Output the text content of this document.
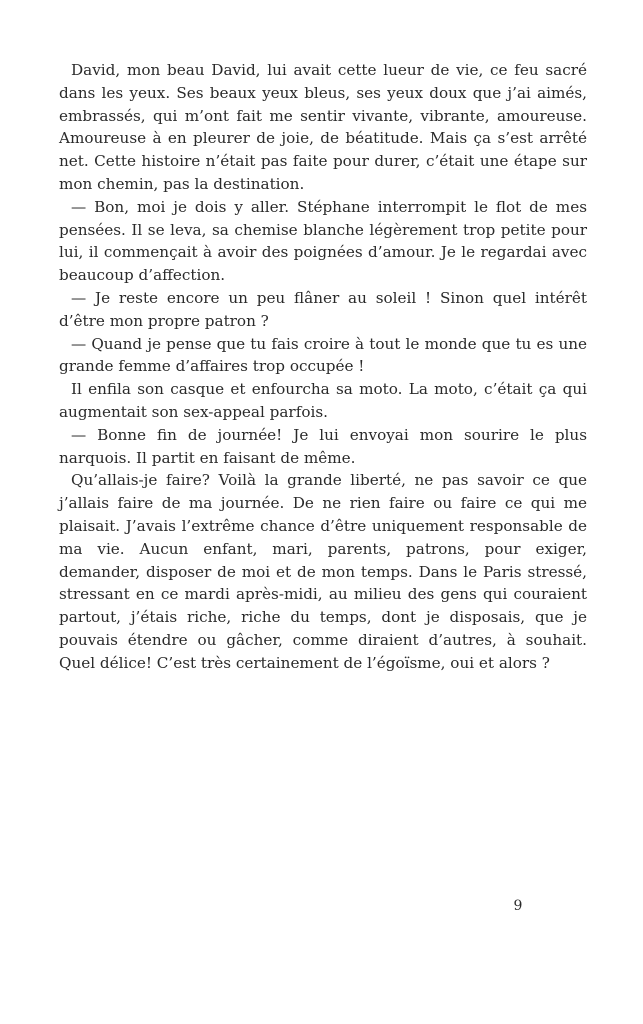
David, mon beau David, lui avait cette lueur de vie, ce feu sacré dans les yeux. Ses beaux yeux bleus, ses yeux doux que j’ai aimés, embrassés, qui m’ont fait me sentir vivante, vibrante, amoureuse. Amoureuse à en pleurer de joie, de béatitude. Mais ça s’est arrêté net. Cette histoire n’était pas faite pour durer, c’était une étape sur mon chemin, pas la destination.

— Bon, moi je dois y aller. Stéphane interrompit le flot de mes pensées. Il se leva, sa chemise blanche légèrement trop petite pour lui, il commençait à avoir des poignées d’amour. Je le regardai avec beaucoup d’affection.

— Je reste encore un peu flâner au soleil ! Sinon quel intérêt d’être mon propre patron ?

— Quand je pense que tu fais croire à tout le monde que tu es une grande femme d’affaires trop occupée !

Il enfila son casque et enfourcha sa moto. La moto, c’était ça qui augmentait son sex-appeal parfois.

— Bonne fin de journée! Je lui envoyai mon sourire le plus narquois. Il partit en faisant de même.

Qu’allais-je faire? Voilà la grande liberté, ne pas savoir ce que j’allais faire de ma journée. De ne rien faire ou faire ce qui me plaisait. J’avais l’extrême chance d’être uniquement responsable de ma vie. Aucun enfant, mari, parents, patrons, pour exiger, demander, disposer de moi et de mon temps. Dans le Paris stressé, stressant en ce mardi après-midi, au milieu des gens qui couraient partout, j’étais riche, riche du temps, dont je disposais, que je pouvais étendre ou gâcher, comme diraient d’autres, à souhait. Quel délice! C’est très certainement de l’égoïsme, oui et alors ?

9
